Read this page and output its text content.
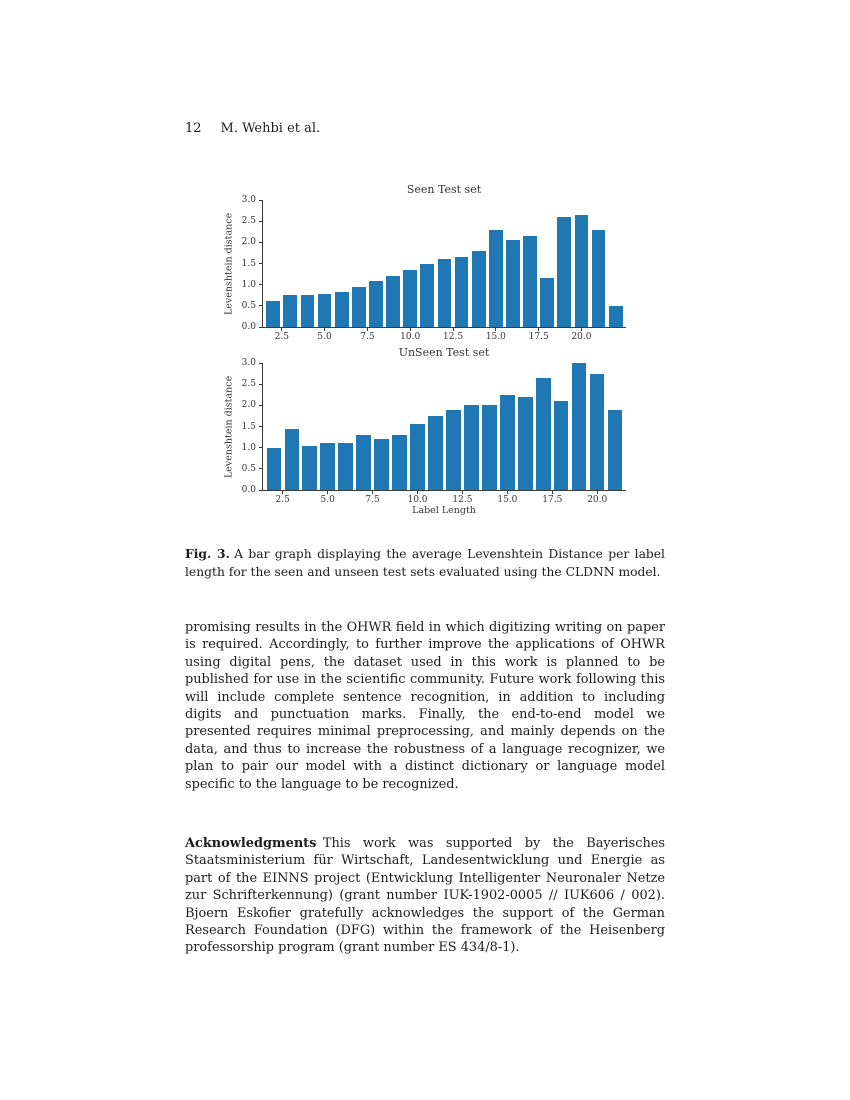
12 M. Wehbi et al.
Seen Test set
Levenshtein distance
0.0
0.5
1.0
1.5
2.0
2.5
3.0
2.5	5.0	7.5	10.0	12.5	15.0	17.5	20.0
UnSeen Test set
Levenshtein distance
0.0
0.5
1.0
1.5
2.0
2.5
3.0
2.5	5.0	7.5	10.0	12.5	15.0	17.5	20.0
Label Length

Fig. 3. A bar graph displaying the average Levenshtein Distance per label length for the seen and unseen test sets evaluated using the CLDNN model.

promising results in the OHWR field in which digitizing writing on paper is required. Accordingly, to further improve the applications of OHWR using digital pens, the dataset used in this work is planned to be published for use in the scientific community. Future work following this will include complete sentence recognition, in addition to including digits and punctuation marks. Finally, the end-to-end model we presented requires minimal preprocessing, and mainly depends on the data, and thus to increase the robustness of a language recognizer, we plan to pair our model with a distinct dictionary or language model specific to the language to be recognized.

Acknowledgments This work was supported by the Bayerisches Staatsministerium für Wirtschaft, Landesentwicklung und Energie as part of the EINNS project (Entwicklung Intelligenter Neuronaler Netze zur Schrifterkennung) (grant number IUK-1902-0005 // IUK606 / 002). Bjoern Eskofier gratefully acknowledges the support of the German Research Foundation (DFG) within the framework of the Heisenberg professorship program (grant number ES 434/8-1).
